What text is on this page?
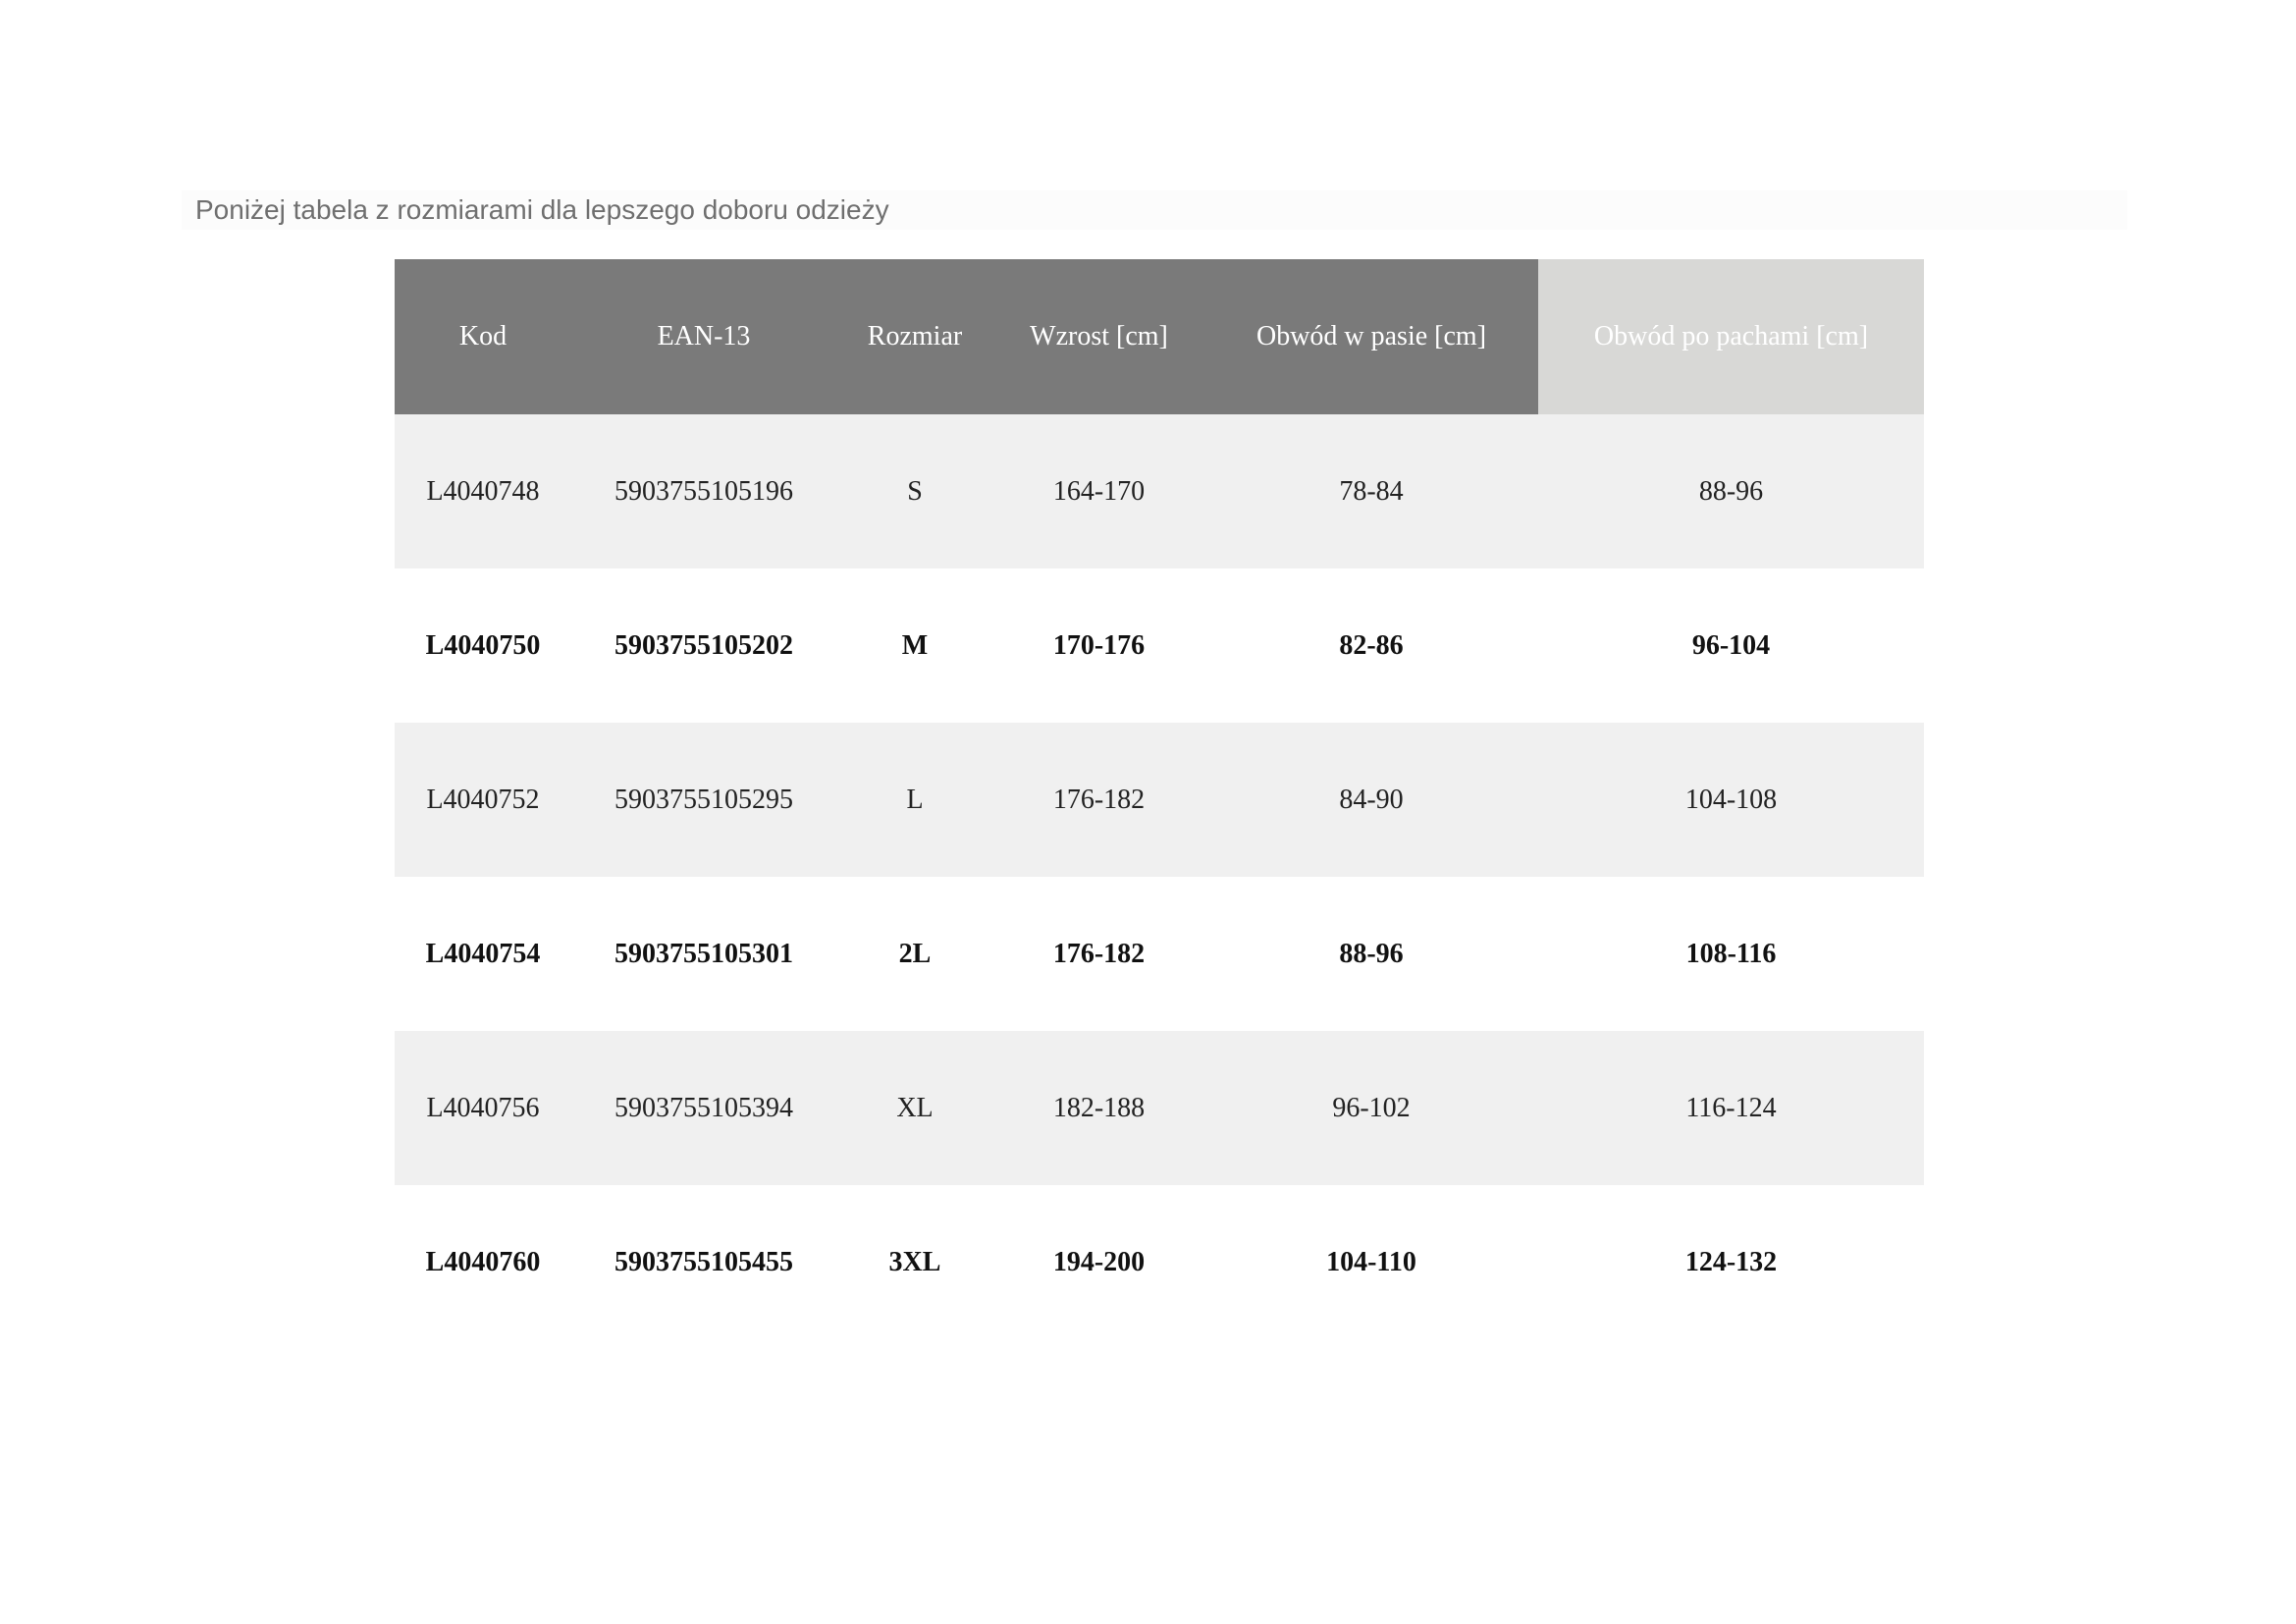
Poniżej tabela z rozmiarami dla lepszego doboru odzieży
Kod	EAN-13	Rozmiar	Wzrost [cm]	Obwód w pasie [cm]	Obwód po pachami [cm]
L4040748	5903755105196	S	164-170	78-84	88-96
L4040750	5903755105202	M	170-176	82-86	96-104
L4040752	5903755105295	L	176-182	84-90	104-108
L4040754	5903755105301	2L	176-182	88-96	108-116
L4040756	5903755105394	XL	182-188	96-102	116-124
L4040760	5903755105455	3XL	194-200	104-110	124-132
